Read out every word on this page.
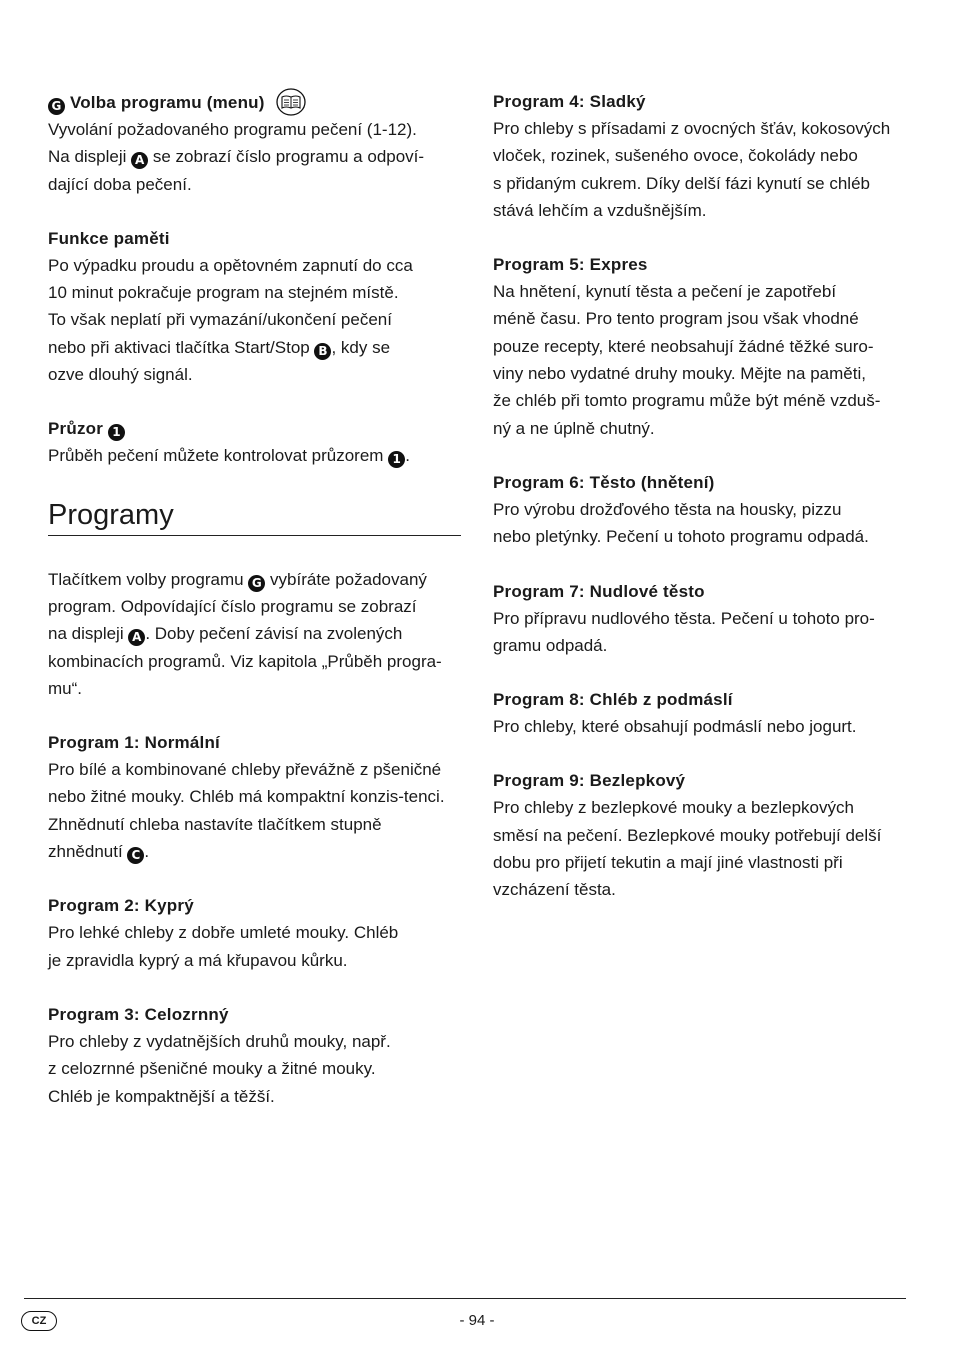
G Volba programu (menu)
Vyvolání požadovaného programu pečení (1-12).
Na displeji A se zobrazí číslo programu a odpoví-
dající doba pečení.
Funkce paměti
Po výpadku proudu a opětovném zapnutí do cca
10 minut pokračuje program na stejném místě.
To však neplatí při vymazání/ukončení pečení
nebo při aktivaci tlačítka Start/Stop B , kdy se
ozve dlouhý signál.
Průzor 1
Průběh pečení můžete kontrolovat průzorem 1 .
Programy
Tlačítkem volby programu G vybíráte požadovaný
program. Odpovídající číslo programu se zobrazí
na displeji A . Doby pečení závisí na zvolených
kombinacích programů. Viz kapitola „Průběh progra-
mu“.
Program 1: Normální
Pro bílé a kombinované chleby převážně z pšeničné
nebo žitné mouky. Chléb má kompaktní konzis-tenci.
Zhnědnutí chleba nastavíte tlačítkem stupně
zhnědnutí C .
Program 2: Kyprý
Pro lehké chleby z dobře umleté mouky. Chléb
je zpravidla kyprý a má křupavou kůrku.
Program 3: Celozrnný
Pro chleby z vydatnějších druhů mouky, např.
z celozrnné pšeničné mouky a žitné mouky.
Chléb je kompaktnější a těžší.
Program 4: Sladký
Pro chleby s přísadami z ovocných šťáv, kokosových
vloček, rozinek, sušeného ovoce, čokolády nebo
s přidaným cukrem. Díky delší fázi kynutí se chléb
stává lehčím a vzdušnějším.
Program 5: Expres
Na hnětení, kynutí těsta a pečení je zapotřebí
méně času. Pro tento program jsou však vhodné
pouze recepty, které neobsahují žádné těžké suro-
viny nebo vydatné druhy mouky. Mějte na paměti,
že chléb při tomto programu může být méně vzduš-
ný a ne úplně chutný.
Program 6: Těsto (hnětení)
Pro výrobu drožďového těsta na housky, pizzu
nebo pletýnky. Pečení u tohoto programu odpadá.
Program 7: Nudlové těsto
Pro přípravu nudlového těsta. Pečení u tohoto pro-
gramu odpadá.
Program 8: Chléb z podmáslí
Pro chleby, které obsahují podmáslí nebo jogurt.
Program 9: Bezlepkový
Pro chleby z bezlepkové mouky a bezlepkových
směsí na pečení. Bezlepkové mouky potřebují delší
dobu pro přijetí tekutin a mají jiné vlastnosti při
vzcházení těsta.
CZ	- 94 -
